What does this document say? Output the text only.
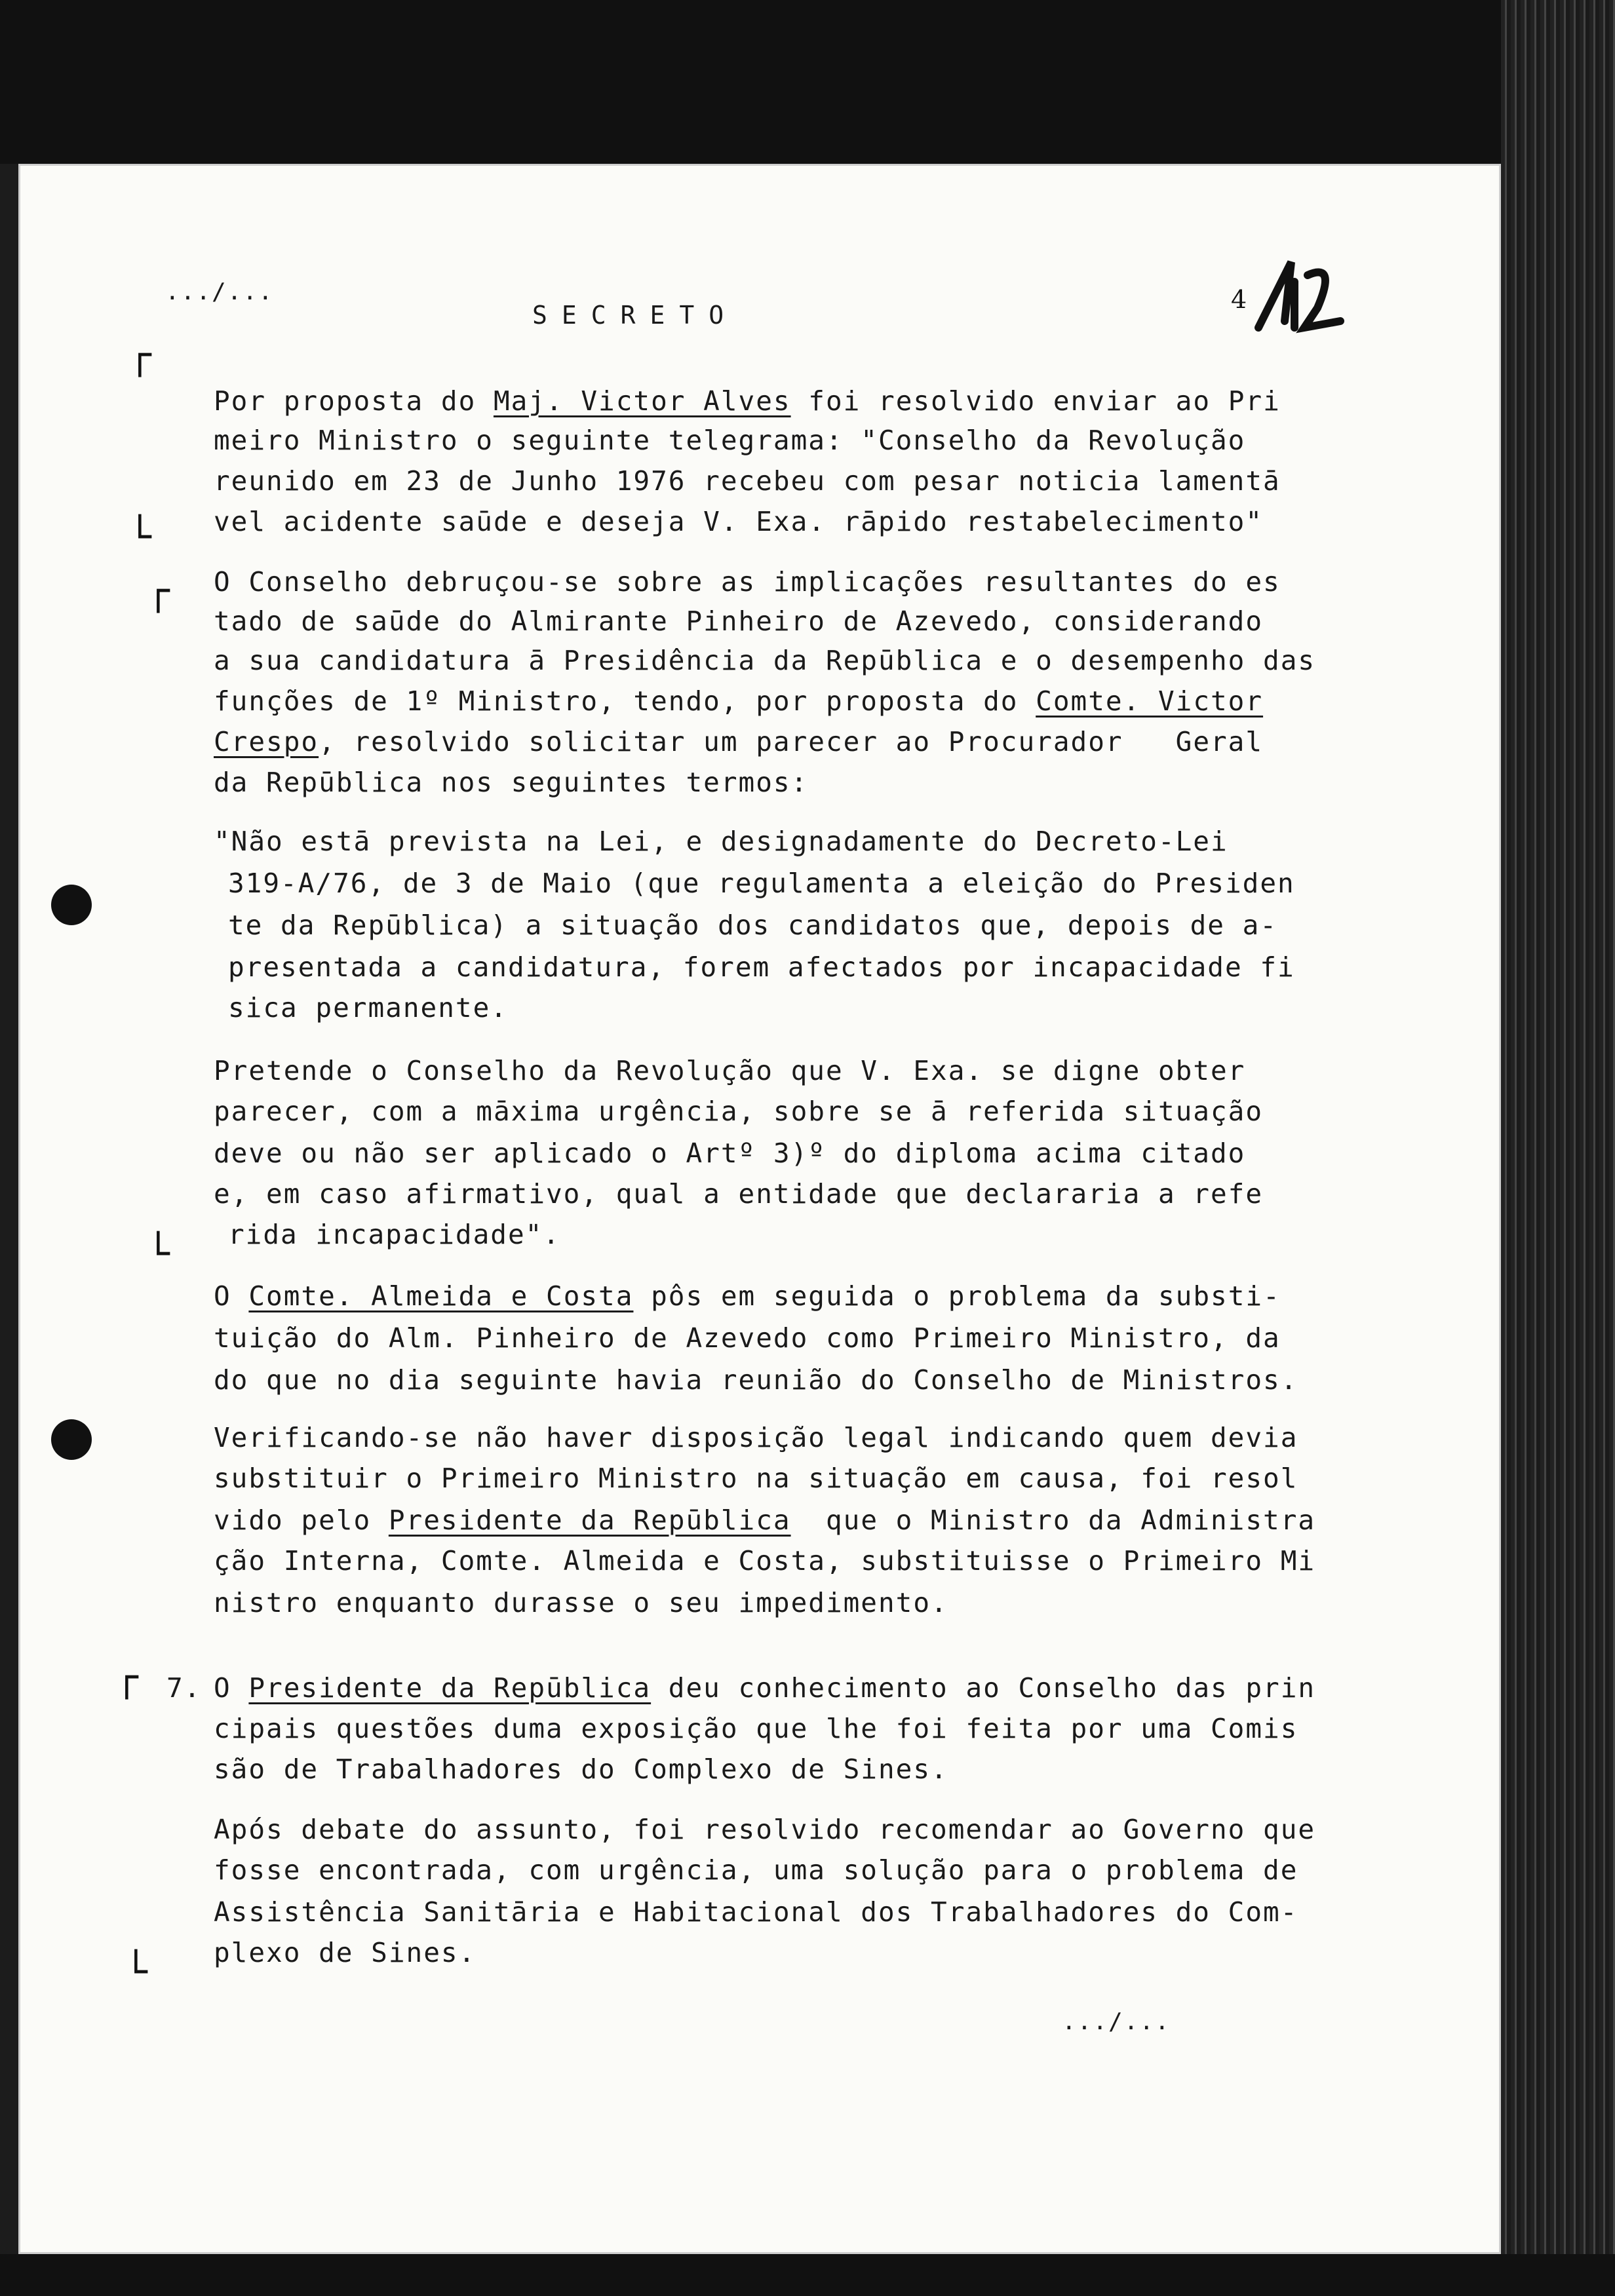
┌
└
┌
└
┌
└
.../...
SECRETO
4
Por proposta do Maj. Victor Alves foi resolvido enviar ao Pri
meiro Ministro o seguinte telegrama: "Conselho da Revolução
reunido em 23 de Junho 1976 recebeu com pesar noticia lamentā
vel acidente saūde e deseja V. Exa. rāpido restabelecimento"
O Conselho debruçou-se sobre as implicações resultantes do es
tado de saūde do Almirante Pinheiro de Azevedo, considerando
a sua candidatura ā Presidência da Repūblica e o desempenho das
funções de 1º Ministro, tendo, por proposta do Comte. Victor
Crespo, resolvido solicitar um parecer ao Procurador   Geral
da Repūblica nos seguintes termos:
"Não estā prevista na Lei, e designadamente do Decreto-Lei
319-A/76, de 3 de Maio (que regulamenta a eleição do Presiden
te da Repūblica) a situação dos candidatos que, depois de a-
presentada a candidatura, forem afectados por incapacidade fi
sica permanente.
Pretende o Conselho da Revolução que V. Exa. se digne obter
parecer, com a māxima urgência, sobre se ā referida situação
deve ou não ser aplicado o Artº 3)º do diploma acima citado
e, em caso afirmativo, qual a entidade que declararia a refe
rida incapacidade".
O Comte. Almeida e Costa pôs em seguida o problema da substi-
tuição do Alm. Pinheiro de Azevedo como Primeiro Ministro, da
do que no dia seguinte havia reunião do Conselho de Ministros.
Verificando-se não haver disposição legal indicando quem devia
substituir o Primeiro Ministro na situação em causa, foi resol
vido pelo Presidente da Repūblica  que o Ministro da Administra
ção Interna, Comte. Almeida e Costa, substituisse o Primeiro Mi
nistro enquanto durasse o seu impedimento.
7. O Presidente da Repūblica deu conhecimento ao Conselho das prin
cipais questões duma exposição que lhe foi feita por uma Comis
são de Trabalhadores do Complexo de Sines.
Após debate do assunto, foi resolvido recomendar ao Governo que
fosse encontrada, com urgência, uma solução para o problema de
Assistência Sanitāria e Habitacional dos Trabalhadores do Com-
plexo de Sines.
.../...
